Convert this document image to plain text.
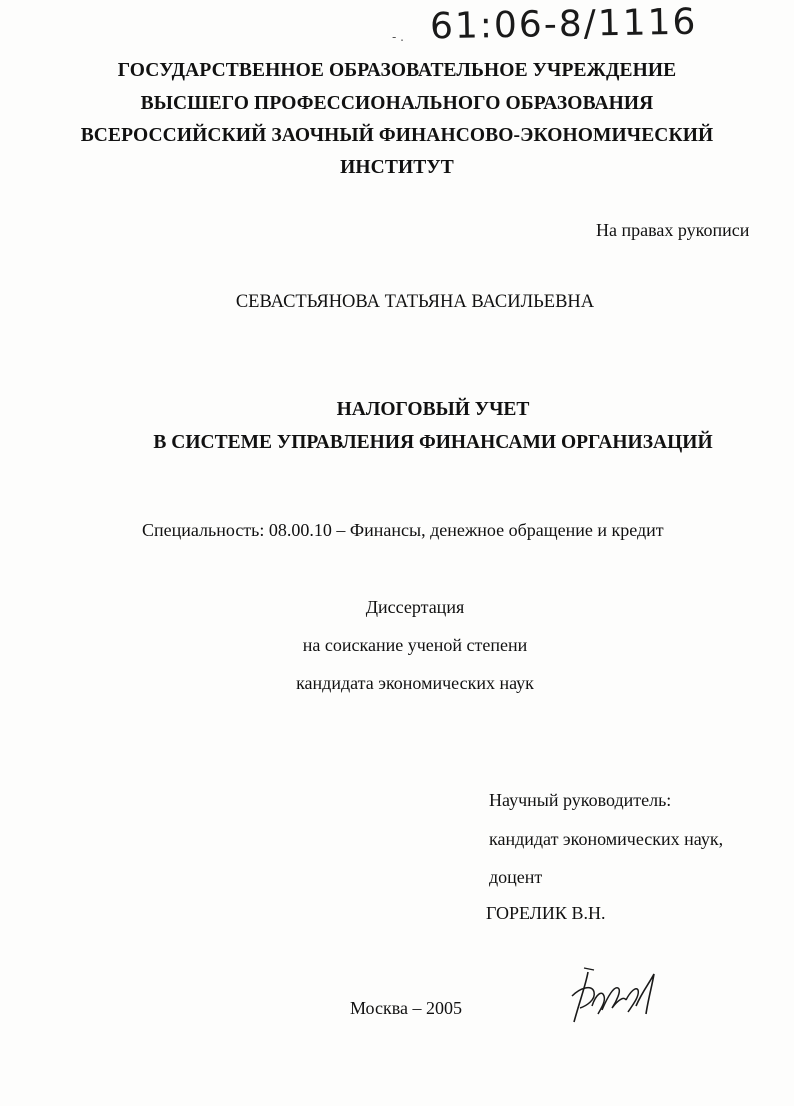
- . 61:06-8/1116
ГОСУДАРСТВЕННОЕ ОБРАЗОВАТЕЛЬНОЕ УЧРЕЖДЕНИЕ
ВЫСШЕГО ПРОФЕССИОНАЛЬНОГО ОБРАЗОВАНИЯ
ВСЕРОССИЙСКИЙ ЗАОЧНЫЙ ФИНАНСОВО-ЭКОНОМИЧЕСКИЙ
ИНСТИТУТ
На правах рукописи
СЕВАСТЬЯНОВА ТАТЬЯНА ВАСИЛЬЕВНА
НАЛОГОВЫЙ УЧЕТ
В СИСТЕМЕ УПРАВЛЕНИЯ ФИНАНСАМИ ОРГАНИЗАЦИЙ
Специальность: 08.00.10 – Финансы, денежное обращение и кредит
Диссертация
на соискание ученой степени
кандидата экономических наук
Научный руководитель:
кандидат экономических наук,
доцент
ГОРЕЛИК В.Н.
Москва – 2005
